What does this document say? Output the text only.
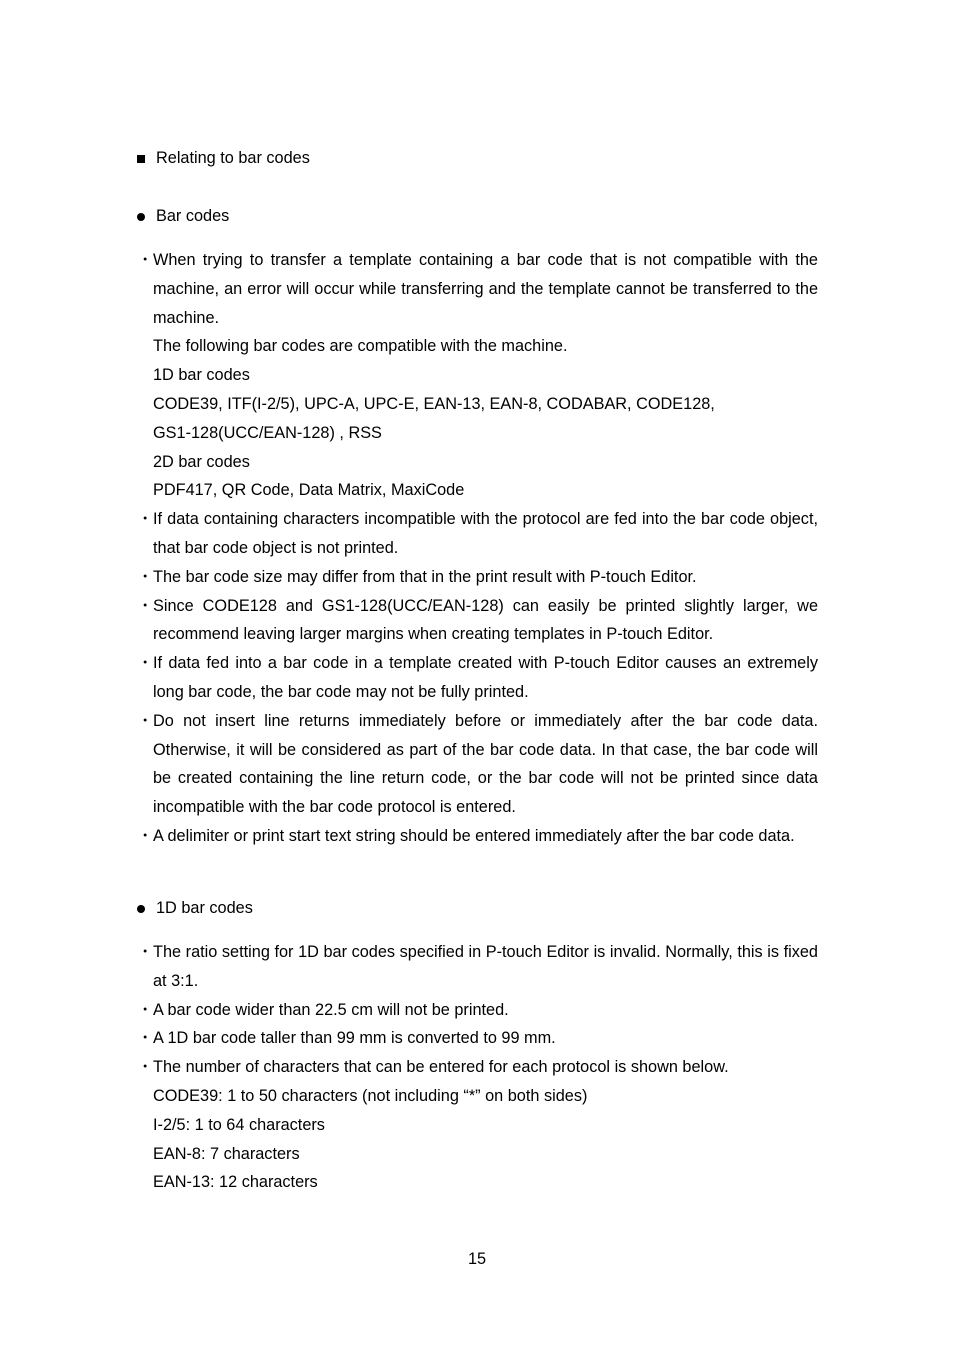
Relating to bar codes
Bar codes
・ When trying to transfer a template containing a bar code that is not compatible with the machine, an error will occur while transferring and the template cannot be transferred to the machine.
The following bar codes are compatible with the machine.
1D bar codes
CODE39, ITF(I-2/5), UPC-A, UPC-E, EAN-13, EAN-8, CODABAR, CODE128,
GS1-128(UCC/EAN-128) , RSS
2D bar codes
PDF417, QR Code, Data Matrix, MaxiCode
・ If data containing characters incompatible with the protocol are fed into the bar code object, that bar code object is not printed.
・ The bar code size may differ from that in the print result with P-touch Editor.
・ Since CODE128 and GS1-128(UCC/EAN-128) can easily be printed slightly larger, we recommend leaving larger margins when creating templates in P-touch Editor.
・ If data fed into a bar code in a template created with P-touch Editor causes an extremely long bar code, the bar code may not be fully printed.
・ Do not insert line returns immediately before or immediately after the bar code data. Otherwise, it will be considered as part of the bar code data. In that case, the bar code will be created containing the line return code, or the bar code will not be printed since data incompatible with the bar code protocol is entered.
・ A delimiter or print start text string should be entered immediately after the bar code data.
1D bar codes
・ The ratio setting for 1D bar codes specified in P-touch Editor is invalid. Normally, this is fixed at 3:1.
・ A bar code wider than 22.5 cm will not be printed.
・ A 1D bar code taller than 99 mm is converted to 99 mm.
・ The number of characters that can be entered for each protocol is shown below.
CODE39: 1 to 50 characters (not including “*” on both sides)
I-2/5: 1 to 64 characters
EAN-8: 7 characters
EAN-13: 12 characters
15
